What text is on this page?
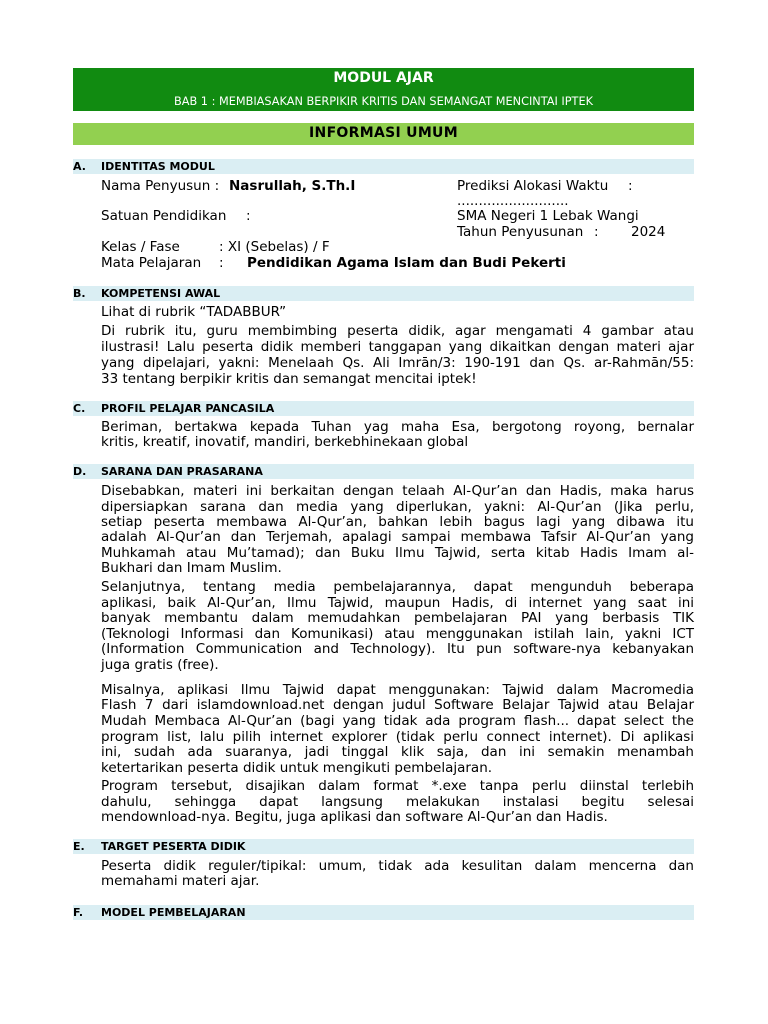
MODUL AJAR
BAB 1 : MEMBIASAKAN BERPIKIR KRITIS DAN SEMANGAT MENCINTAI IPTEK
INFORMASI UMUM
A. IDENTITAS MODUL
Nama Penyusun : Nasrullah, S.Th.I	Prediksi Alokasi Waktu :
..........................
Satuan Pendidikan :	SMA Negeri 1 Lebak Wangi
Tahun Penyusunan : 2024
Kelas / Fase	: XI (Sebelas) / F
Mata Pelajaran : Pendidikan Agama Islam dan Budi Pekerti
B. KOMPETENSI AWAL
Lihat di rubrik “TADABBUR”
Di rubrik itu, guru membimbing peserta didik, agar mengamati 4 gambar atau
ilustrasi! Lalu peserta didik memberi tanggapan yang dikaitkan dengan materi ajar
yang dipelajari, yakni: Menelaah Qs. Ali Imrān/3: 190-191 dan Qs. ar-Rahmān/55:
33 tentang berpikir kritis dan semangat mencitai iptek!
C. PROFIL PELAJAR PANCASILA
Beriman, bertakwa kepada Tuhan yag maha Esa, bergotong royong, bernalar
kritis, kreatif, inovatif, mandiri, berkebhinekaan global
D. SARANA DAN PRASARANA
Disebabkan, materi ini berkaitan dengan telaah Al-Qur’an dan Hadis, maka harus
dipersiapkan sarana dan media yang diperlukan, yakni: Al-Qur’an (Jika perlu,
setiap peserta membawa Al-Qur’an, bahkan lebih bagus lagi yang dibawa itu
adalah Al-Qur’an dan Terjemah, apalagi sampai membawa Tafsir Al-Qur’an yang
Muhkamah atau Mu’tamad); dan Buku Ilmu Tajwid, serta kitab Hadis Imam al-
Bukhari dan Imam Muslim.
Selanjutnya, tentang media pembelajarannya, dapat mengunduh beberapa
aplikasi, baik Al-Qur’an, Ilmu Tajwid, maupun Hadis, di internet yang saat ini
banyak membantu dalam memudahkan pembelajaran PAI yang berbasis TIK
(Teknologi Informasi dan Komunikasi) atau menggunakan istilah lain, yakni ICT
(Information Communication and Technology). Itu pun software-nya kebanyakan
juga gratis (free).
Misalnya, aplikasi Ilmu Tajwid dapat menggunakan: Tajwid dalam Macromedia
Flash 7 dari islamdownload.net dengan judul Software Belajar Tajwid atau Belajar
Mudah Membaca Al-Qur’an (bagi yang tidak ada program flash... dapat select the
program list, lalu pilih internet explorer (tidak perlu connect internet). Di aplikasi
ini, sudah ada suaranya, jadi tinggal klik saja, dan ini semakin menambah
ketertarikan peserta didik untuk mengikuti pembelajaran.
Program tersebut, disajikan dalam format *.exe tanpa perlu diinstal terlebih
dahulu, sehingga dapat langsung melakukan instalasi begitu selesai
mendownload-nya. Begitu, juga aplikasi dan software Al-Qur’an dan Hadis.
E. TARGET PESERTA DIDIK
Peserta didik reguler/tipikal: umum, tidak ada kesulitan dalam mencerna dan
memahami materi ajar.
F. MODEL PEMBELAJARAN
